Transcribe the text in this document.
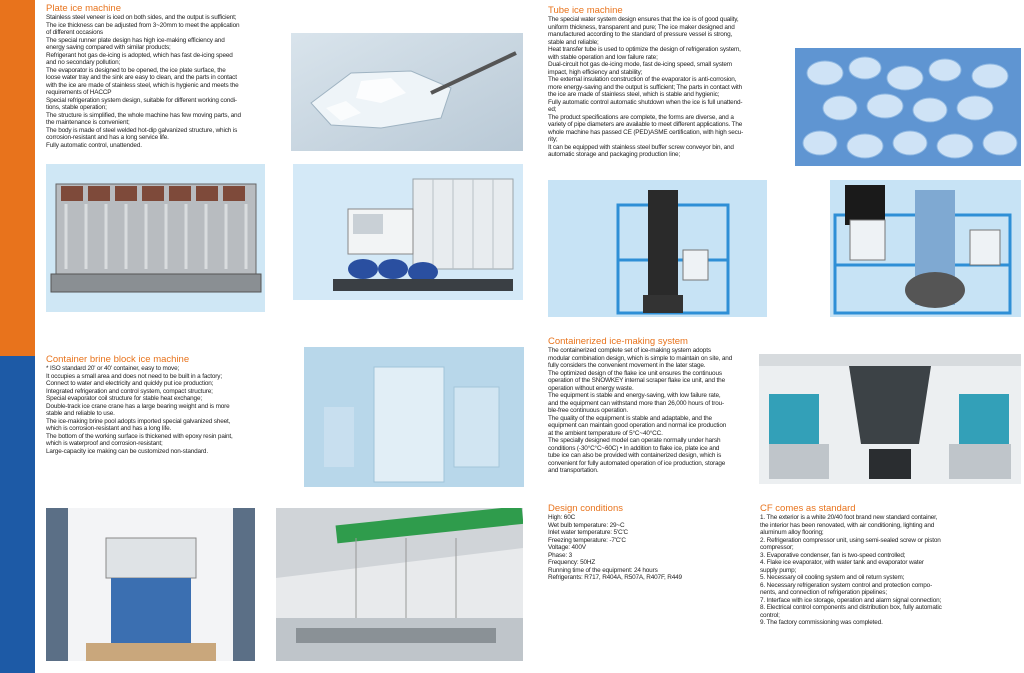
Plate ice machine
Stainless steel veneer is iced on both sides, and the output is sufficient;
The ice thickness can be adjusted from 3~20mm to meet the application
of different occasions
The special runner plate design has high ice-making efficiency and
energy saving compared with similar products;
Refrigerant hot gas de-icing is adopted, which has fast de-icing speed
and no secondary pollution;
The evaporator is designed to be opened, the ice plate surface, the
loose water tray and the sink are easy to clean, and the parts in contact
with the ice are made of stainless steel, which is hygienic and meets the
requirements of HACCP
Special refrigeration system design, suitable for different working condi-
tions, stable operation;
The structure is simplified, the whole machine has few moving parts, and
the maintenance is convenient;
The body is made of steel welded hot-dip galvanized structure, which is
corrosion-resistant and has a long service life.
Fully automatic control, unattended.
Tube ice machine
The special water system design ensures that the ice is of good quality,
uniform thickness, transparent and pure; The ice maker designed and
manufactured according to the standard of pressure vessel is strong,
stable and reliable;
Heat transfer tube is used to optimize the design of refrigeration system,
with stable operation and low failure rate;
Dual-circuit hot gas de-icing mode, fast de-icing speed, small system
impact, high efficiency and stability;
The external insulation construction of the evaporator is anti-corrosion,
more energy-saving and the output is sufficient; The parts in contact with
the ice are made of stainless steel, which is stable and hygienic;
Fully automatic control automatic shutdown when the ice is full unattend-
ed;
The product specifications are complete, the forms are diverse, and a
variety of pipe diameters are available to meet different applications. The
whole machine has passed CE (PED)ASME certification, with high secu-
rity;
It can be equipped with stainless steel buffer screw conveyor bin, and
automatic storage and packaging production line;
Container brine block ice machine
* ISO standard 20' or 40' container, easy to move;
It occupies a small area and does not need to be built in a factory;
Connect to water and electricity and quickly put ice production;
Integrated refrigeration and control system, compact structure;
Special evaporator coil structure for stable heat exchange;
Double-track ice crane crane has a large bearing weight and is more
stable and reliable to use.
The ice-making brine pool adopts imported special galvanized sheet,
which is corrosion-resistant and has a long life.
The bottom of the working surface is thickened with epoxy resin paint,
which is waterproof and corrosion-resistant;
Large-capacity ice making can be customized non-standard.
Containerized ice-making system
The containerized complete set of ice-making system adopts
modular combination design, which is simple to maintain on site, and
fully considers the convenient movement in the later stage.
The optimized design of the flake ice unit ensures the continuous
operation of the SNOWKEY internal scraper flake ice unit, and the
operation without energy waste.
The equipment is stable and energy-saving, with low failure rate,
and the equipment can withstand more than 26,000 hours of trou-
ble-free continuous operation.
The quality of the equipment is stable and adaptable, and the
equipment can maintain good operation and normal ice production
at the ambient temperature of 5°C~40°CC.
The specially designed model can operate normally under harsh
conditions (-30°C°C~60C) • In addition to flake ice, plate ice and
tube ice can also be provided with containerized design, which is
convenient for fully automated operation of ice production, storage
and transportation.
Design conditions
High: 60C
Wet bulb temperature: 29~C
Inlet water temperature: 5'C'C
Freezing temperature: -7'C'C
Voltage: 400V
Phase: 3
Frequency: 50HZ
Running time of the equipment: 24 hours
Refrigerants: R717, R404A, R507A, R407F, R449
CF comes as standard
1. The exterior is a white 20/40 foot brand new standard container,
the interior has been renovated, with air conditioning, lighting and
aluminum alloy flooring;
2. Refrigeration compressor unit, using semi-sealed screw or piston
compressor;
3. Evaporative condenser, fan is two-speed controlled;
4. Flake ice evaporator, with water tank and evaporator water
supply pump;
5. Necessary oil cooling system and oil return system;
6. Necessary refrigeration system control and protection compo-
nents, and connection of refrigeration pipelines;
7. Interface with ice storage, operation and alarm signal connection;
8. Electrical control components and distribution box, fully automatic
control;
9. The factory commissioning was completed.
